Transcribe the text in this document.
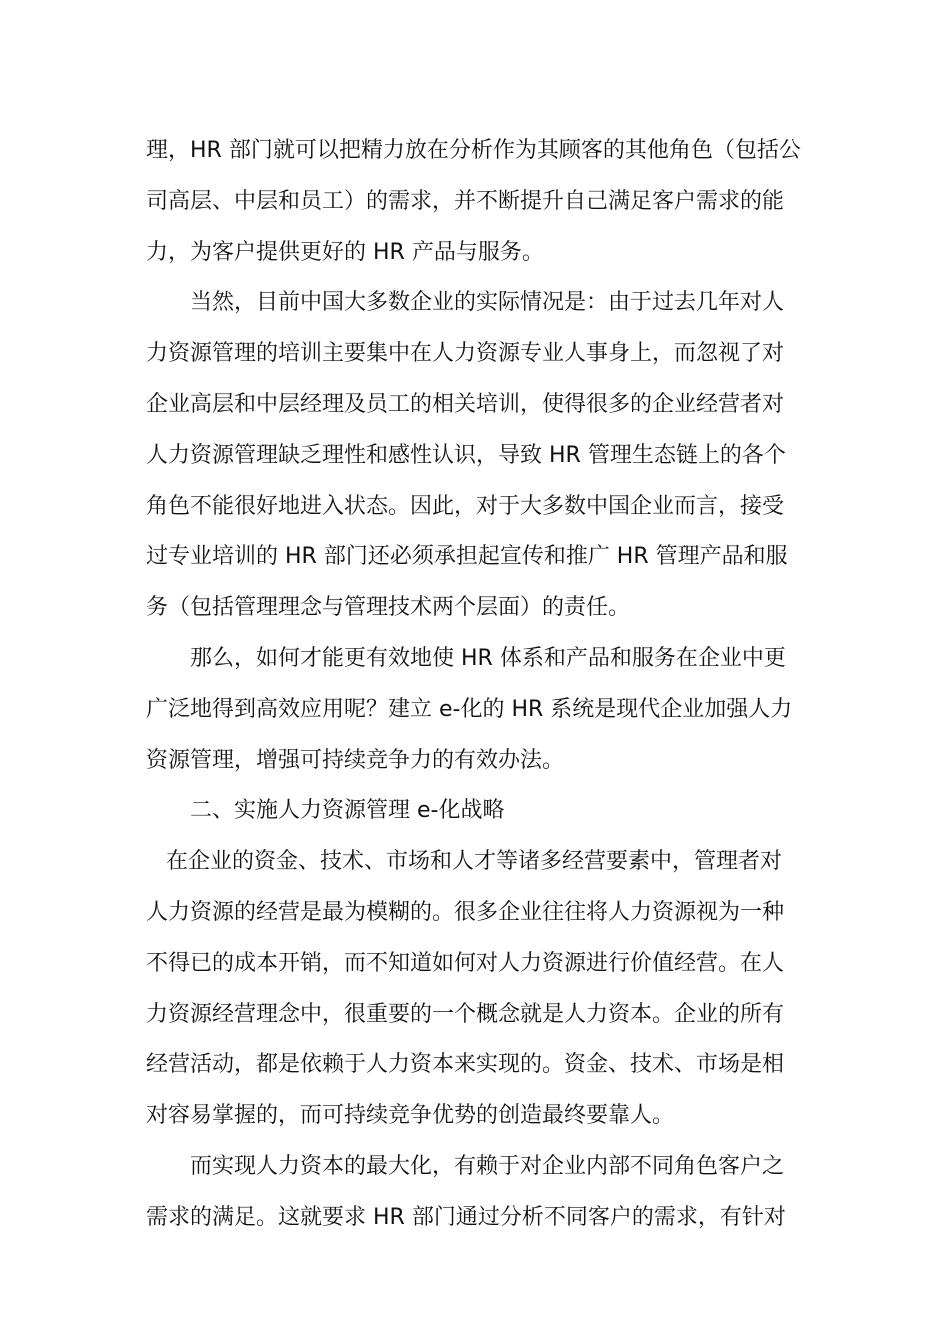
理，HR 部门就可以把精力放在分析作为其顾客的其他角色（包括公
司高层、中层和员工）的需求，并不断提升自己满足客户需求的能
力，为客户提供更好的 HR 产品与服务。
当然，目前中国大多数企业的实际情况是：由于过去几年对人
力资源管理的培训主要集中在人力资源专业人事身上，而忽视了对
企业高层和中层经理及员工的相关培训，使得很多的企业经营者对
人力资源管理缺乏理性和感性认识，导致 HR 管理生态链上的各个
角色不能很好地进入状态。因此，对于大多数中国企业而言，接受
过专业培训的 HR 部门还必须承担起宣传和推广 HR 管理产品和服
务（包括管理理念与管理技术两个层面）的责任。
那么，如何才能更有效地使 HR 体系和产品和服务在企业中更
广泛地得到高效应用呢？建立 e-化的 HR 系统是现代企业加强人力
资源管理，增强可持续竞争力的有效办法。
二、实施人力资源管理 e-化战略
在企业的资金、技术、市场和人才等诸多经营要素中，管理者对
人力资源的经营是最为模糊的。很多企业往往将人力资源视为一种
不得已的成本开销，而不知道如何对人力资源进行价值经营。在人
力资源经营理念中，很重要的一个概念就是人力资本。企业的所有
经营活动，都是依赖于人力资本来实现的。资金、技术、市场是相
对容易掌握的，而可持续竞争优势的创造最终要靠人。
而实现人力资本的最大化，有赖于对企业内部不同角色客户之
需求的满足。这就要求 HR 部门通过分析不同客户的需求，有针对
